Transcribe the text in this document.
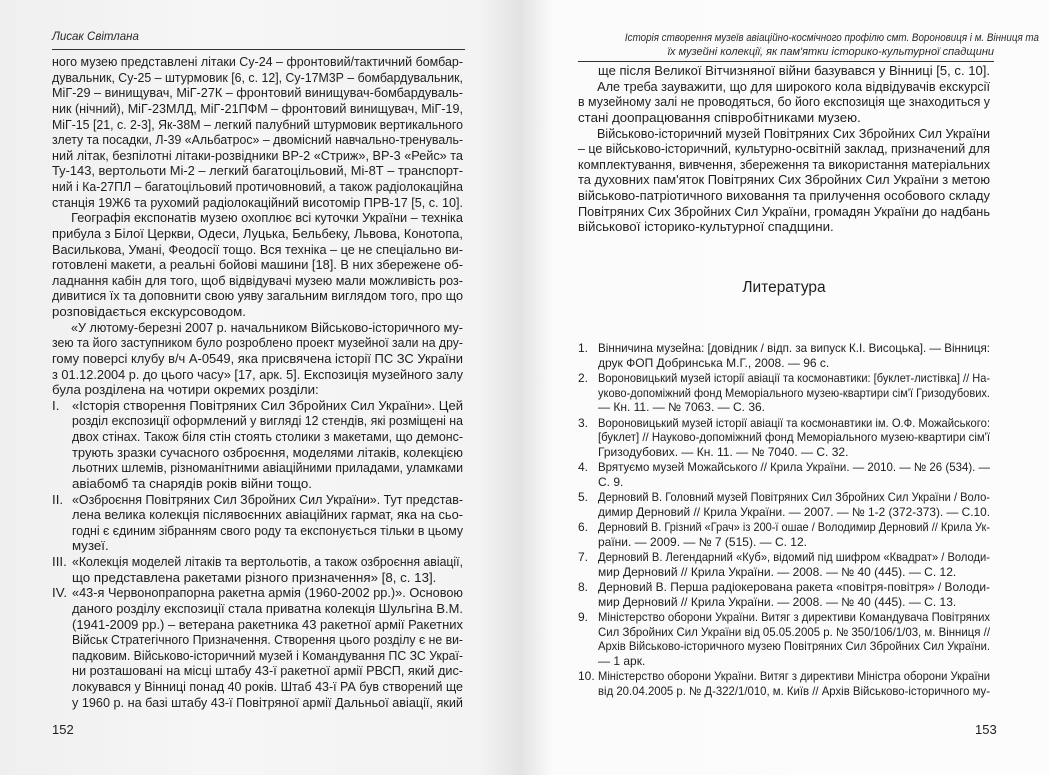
Лисак Світлана
ного музею представлені літаки Су-24 – фронтовий/тактичний бомбар-
дувальник, Су-25 – штурмовик [6, с. 12], Су-17М3Р – бомбардувальник,
МіГ-29 – винищувач, МіГ-27К – фронтовий винищувач-бомбардуваль-
ник (нічний), МіГ-23МЛД, МіГ-21ПФМ – фронтовий винищувач, МіГ-19,
МіГ-15 [21, с. 2-3], Як-38М – легкий палубний штурмовик вертикального
злету та посадки, Л-39 «Альбатрос» – двомісний навчально-тренуваль-
ний літак, безпілотні літаки-розвідники ВР-2 «Стриж», ВР-3 «Рейс» та
Ту-143, вертольоти Мі-2 – легкий багатоцільовий, Мі-8Т – транспорт-
ний і Ка-27ПЛ – багатоцільовий протичовновий, а також радіолокаційна
станція 19Ж6 та рухомий радіолокаційний висотомір ПРВ-17 [5, с. 10].
Географія експонатів музею охоплює всі куточки України – техніка
прибула з Білої Церкви, Одеси, Луцька, Бельбеку, Львова, Конотопа,
Василькова, Умані, Феодосії тощо. Вся техніка – це не спеціально ви-
готовлені макети, а реальні бойові машини [18]. В них збережене об-
ладнання кабін для того, щоб відвідувачі музею мали можливість роз-
дивитися їх та доповнити свою уяву загальним виглядом того, про що
розповідається екскурсоводом.
«У лютому-березні 2007 р. начальником Військово-історичного му-
зею та його заступником було розроблено проект музейної зали на дру-
гому поверсі клубу в/ч А-0549, яка присвячена історії ПС ЗС України
з 01.12.2004 р. до цього часу» [17, арк. 5]. Експозиція музейного залу
була розділена на чотири окремих розділи:
I. «Історія створення Повітряних Сил Збройних Сил України». Цей
розділ експозиції оформлений у вигляді 12 стендів, які розміщені на
двох стінах. Також біля стін стоять столики з макетами, що демонс-
трують зразки сучасного озброєння, моделями літаків, колекцією
льотних шлемів, різноманітними авіаційними приладами, уламками
авіабомб та снарядів років війни тощо.
II. «Озброєння Повітряних Сил Збройних Сил України». Тут представ-
лена велика колекція післявоєнних авіаційних гармат, яка на сьо-
годні є єдиним зібранням свого роду та експонується тільки в цьому
музеї.
III. «Колекція моделей літаків та вертольотів, а також озброєння авіації,
що представлена ракетами різного призначення» [8, с. 13].
IV. «43-я Червонопрапорна ракетна армія (1960-2002 рр.)». Основою
даного розділу експозиції стала приватна колекція Шульгіна В.М.
(1941-2009 рр.) – ветерана ракетника 43 ракетної армії Ракетних
Військ Стратегічного Призначення. Створення цього розділу є не ви-
падковим. Військово-історичний музей і Командування ПС ЗС Украї-
ни розташовані на місці штабу 43-ї ракетної армії РВСП, який дис-
локувався у Вінниці понад 40 років. Штаб 43-ї РА був створений ще
у 1960 р. на базі штабу 43-ї Повітряної армії Дальньої авіації, який
152
Історія створення музеїв авіаційно-космічного профілю смт. Вороновиця і м. Вінниця та
їх музейні колекції, як пам'ятки історико-культурної спадщини
ще після Великої Вітчизняної війни базувався у Вінниці [5, с. 10].
Але треба зауважити, що для широкого кола відвідувачів екскурсії
в музейному залі не проводяться, бо його експозиція ще знаходиться у
стані доопрацювання співробітниками музею.
Військово-історичний музей Повітряних Сих Збройних Сил України
– це військово-історичний, культурно-освітній заклад, призначений для
комплектування, вивчення, збереження та використання матеріальних
та духовних пам'яток Повітряних Сих Збройних Сил України з метою
військово-патріотичного виховання та прилучення особового складу
Повітряних Сих Збройних Сил України, громадян України до надбань
військової історико-культурної спадщини.
Литература
1. Вінничина музейна: [довідник / відп. за випуск К.І. Висоцька]. — Вінниця:
друк ФОП Добринська М.Г., 2008. — 96 с.
2. Вороновицький музей історії авіації та космонавтики: [буклет-листівка] // На-
уково-допоміжний фонд Меморіального музею-квартири сім'ї Гризодубових.
— Кн. 11. — № 7063. — С. 36.
3. Вороновицький музей історії авіації та космонавтики ім. О.Ф. Можайського:
[буклет] // Науково-допоміжний фонд Меморіального музею-квартири сім'ї
Гризодубових. — Кн. 11. — № 7040. — С. 32.
4. Врятуємо музей Можайського // Крила України. — 2010. — № 26 (534). —
С. 9.
5. Дерновий В. Головний музей Повітряних Сил Збройних Сил України / Воло-
димир Дерновий // Крила України. — 2007. — № 1-2 (372-373). — С.10.
6. Дерновий В. Грізний «Грач» із 200-ї ошае / Володимир Дерновий // Крила Ук-
раїни. — 2009. — № 7 (515). — С. 12.
7. Дерновий В. Легендарний «Куб», відомий під шифром «Квадрат» / Володи-
мир Дерновий // Крила України. — 2008. — № 40 (445). — С. 12.
8. Дерновий В. Перша радіокерована ракета «повітря-повітря» / Володи-
мир Дерновий // Крила України. — 2008. — № 40 (445). — С. 13.
9. Міністерство оборони України. Витяг з директиви Командувача Повітряних
Сил Збройних Сил України від 05.05.2005 р. № 350/106/1/03, м. Вінниця //
Архів Військово-історичного музею Повітряних Сил Збройних Сил України.
— 1 арк.
10. Міністерство оборони України. Витяг з директиви Міністра оборони України
від 20.04.2005 р. № Д-322/1/010, м. Київ // Архів Військово-історичного му-
153
